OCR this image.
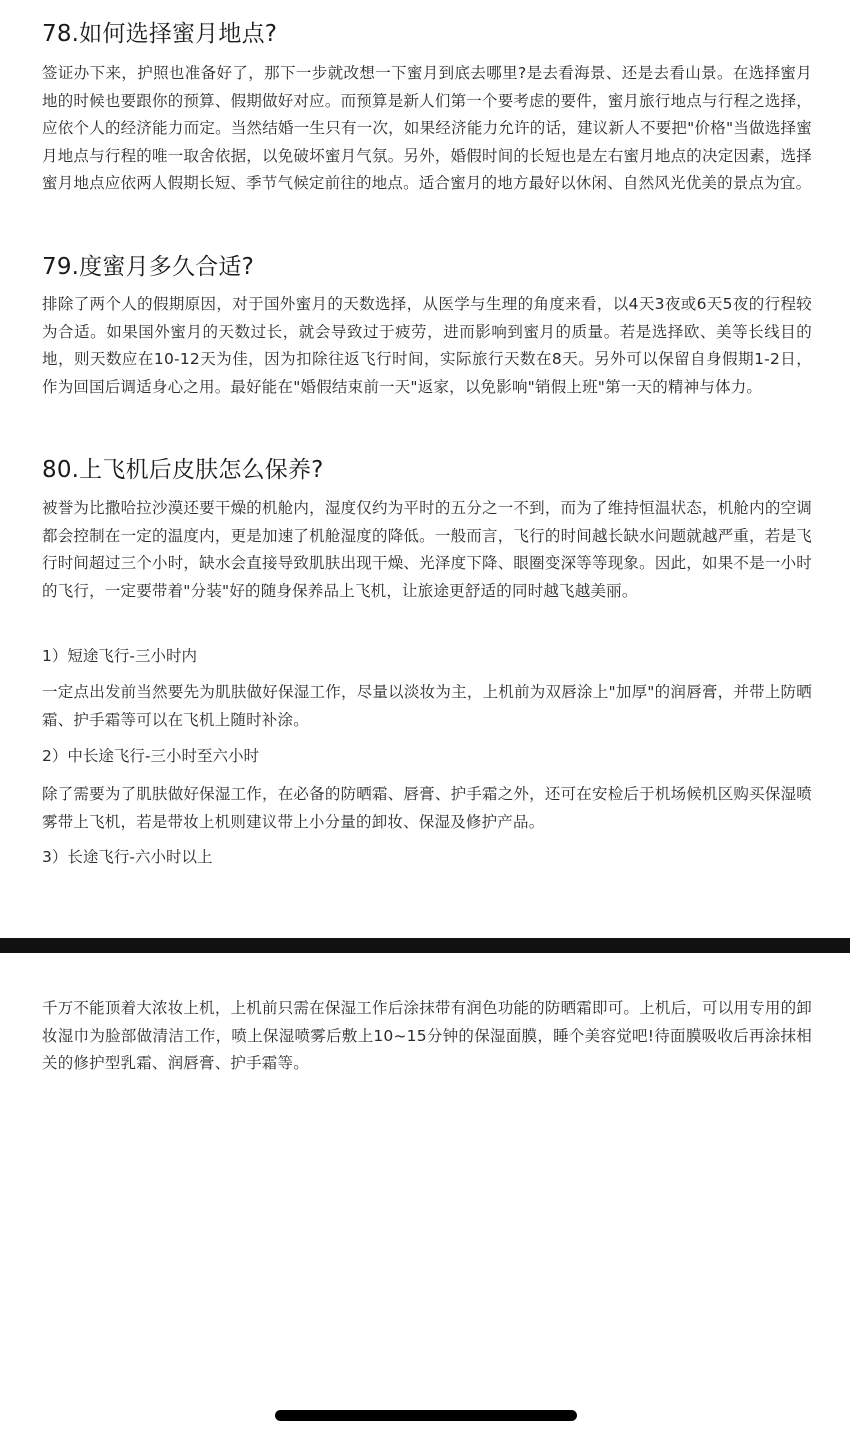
78.如何选择蜜月地点?

签证办下来，护照也准备好了，那下一步就改想一下蜜月到底去哪里?是去看海景、还是去看山景。在选择蜜月地的时候也要跟你的预算、假期做好对应。而预算是新人们第一个要考虑的要件，蜜月旅行地点与行程之选择，应依个人的经济能力而定。当然结婚一生只有一次，如果经济能力允许的话，建议新人不要把"价格"当做选择蜜月地点与行程的唯一取舍依据，以免破坏蜜月气氛。另外，婚假时间的长短也是左右蜜月地点的决定因素，选择蜜月地点应依两人假期长短、季节气候定前往的地点。适合蜜月的地方最好以休闲、自然风光优美的景点为宜。

79.度蜜月多久合适?

排除了两个人的假期原因，对于国外蜜月的天数选择，从医学与生理的角度来看，以4天3夜或6天5夜的行程较为合适。如果国外蜜月的天数过长，就会导致过于疲劳，进而影响到蜜月的质量。若是选择欧、美等长线目的地，则天数应在10-12天为佳，因为扣除往返飞行时间，实际旅行天数在8天。另外可以保留自身假期1-2日，作为回国后调适身心之用。最好能在"婚假结束前一天"返家，以免影响"销假上班"第一天的精神与体力。

80.上飞机后皮肤怎么保养?

被誉为比撒哈拉沙漠还要干燥的机舱内，湿度仅约为平时的五分之一不到，而为了维持恒温状态，机舱内的空调都会控制在一定的温度内，更是加速了机舱湿度的降低。一般而言，飞行的时间越长缺水问题就越严重，若是飞行时间超过三个小时，缺水会直接导致肌肤出现干燥、光泽度下降、眼圈变深等等现象。因此，如果不是一小时的飞行，一定要带着"分装"好的随身保养品上飞机，让旅途更舒适的同时越飞越美丽。

1）短途飞行-三小时内

一定点出发前当然要先为肌肤做好保湿工作，尽量以淡妆为主，上机前为双唇涂上"加厚"的润唇膏，并带上防晒霜、护手霜等可以在飞机上随时补涂。

2）中长途飞行-三小时至六小时

除了需要为了肌肤做好保湿工作，在必备的防晒霜、唇膏、护手霜之外，还可在安检后于机场候机区购买保湿喷雾带上飞机，若是带妆上机则建议带上小分量的卸妆、保湿及修护产品。

3）长途飞行-六小时以上

千万不能顶着大浓妆上机，上机前只需在保湿工作后涂抹带有润色功能的防晒霜即可。上机后，可以用专用的卸妆湿巾为脸部做清洁工作，喷上保湿喷雾后敷上10~15分钟的保湿面膜，睡个美容觉吧!待面膜吸收后再涂抹相关的修护型乳霜、润唇膏、护手霜等。
